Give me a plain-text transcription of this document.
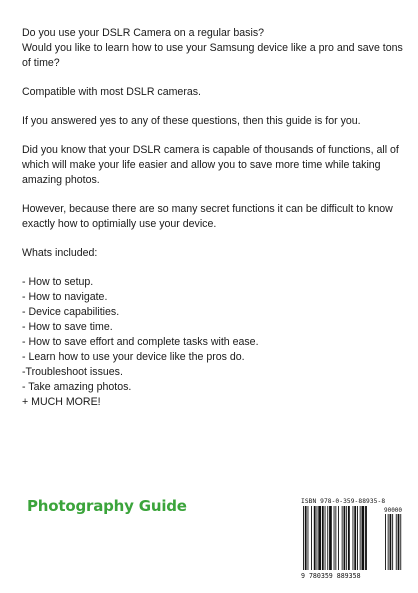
Do you use your DSLR Camera on a regular basis?

Would you like to learn how to use your Samsung device like a pro and save tons of time?

Compatible with most DSLR cameras.

If you answered yes to any of these questions, then this guide is for you.

Did you know that your DSLR camera is capable of thousands of functions, all of which will make your life easier and allow you to save more time while taking amazing photos.

However, because there are so many secret functions it can be difficult to know exactly how to optimially use your device.

Whats included:

- How to setup.
- How to navigate.
- Device capabilities.
- How to save time.
- How to save effort and complete tasks with ease.
- Learn how to use your device like the pros do.
-Troubleshoot issues.
- Take amazing photos.
+ MUCH MORE!
Photography Guide	ISBN 978-0-359-88935-8
90000
9 780359 889358
